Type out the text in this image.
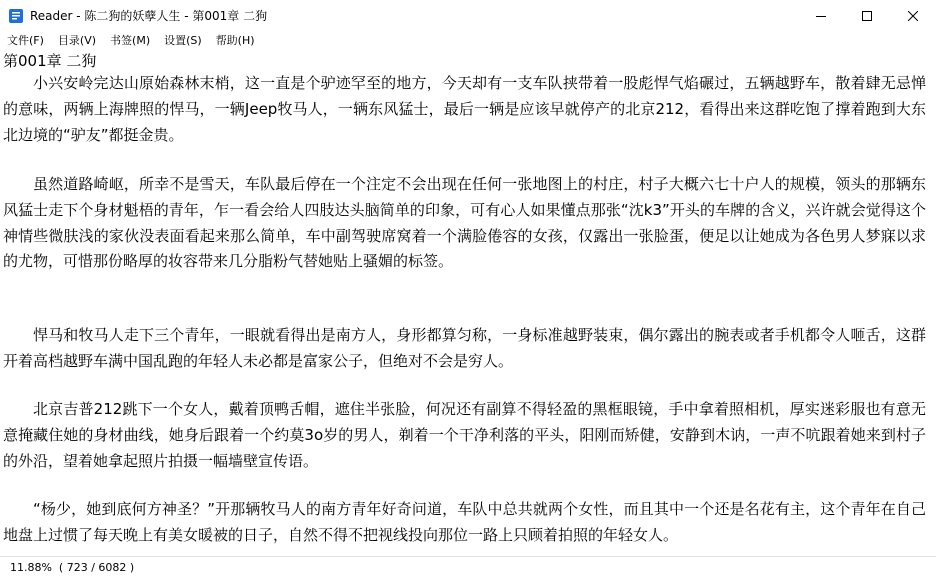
Reader - 陈二狗的妖孽人生 - 第001章 二狗
文件(F)	目录(V)	书签(M)	设置(S)	帮助(H)
第001章 二狗

小兴安岭完达山原始森林末梢，这一直是个驴迹罕至的地方，今天却有一支车队挟带着一股彪悍气焰碾过，五辆越野车，散着肆无忌惮的意味，两辆上海牌照的悍马，一辆Jeep牧马人，一辆东风猛士，最后一辆是应该早就停产的北京212，看得出来这群吃饱了撑着跑到大东北边境的“驴友”都挺金贵。

虽然道路崎岖，所幸不是雪天，车队最后停在一个注定不会出现在任何一张地图上的村庄，村子大概六七十户人的规模，领头的那辆东风猛士走下个身材魁梧的青年，乍一看会给人四肢达头脑简单的印象，可有心人如果懂点那张“沈k3”开头的车牌的含义，兴许就会觉得这个神情些微肤浅的家伙没表面看起来那么简单，车中副驾驶席窝着一个满脸倦容的女孩，仅露出一张脸蛋，便足以让她成为各色男人梦寐以求的尤物，可惜那份略厚的妆容带来几分脂粉气替她贴上骚媚的标签。

悍马和牧马人走下三个青年，一眼就看得出是南方人，身形都算匀称，一身标准越野装束，偶尔露出的腕表或者手机都令人咂舌，这群开着高档越野车满中国乱跑的年轻人未必都是富家公子，但绝对不会是穷人。

北京吉普212跳下一个女人，戴着顶鸭舌帽，遮住半张脸，何况还有副算不得轻盈的黑框眼镜，手中拿着照相机，厚实迷彩服也有意无意掩藏住她的身材曲线，她身后跟着一个约莫3o岁的男人，剃着一个干净利落的平头，阳刚而矫健，安静到木讷，一声不吭跟着她来到村子的外沿，望着她拿起照片拍摄一幅墙壁宣传语。

“杨少，她到底何方神圣？”开那辆牧马人的南方青年好奇问道，车队中总共就两个女性，而且其中一个还是名花有主，这个青年在自己地盘上过惯了每天晚上有美女暖被的日子，自然不得不把视线投向那位一路上只顾着拍照的年轻女人。

11.88%  ( 723 / 6082 )
